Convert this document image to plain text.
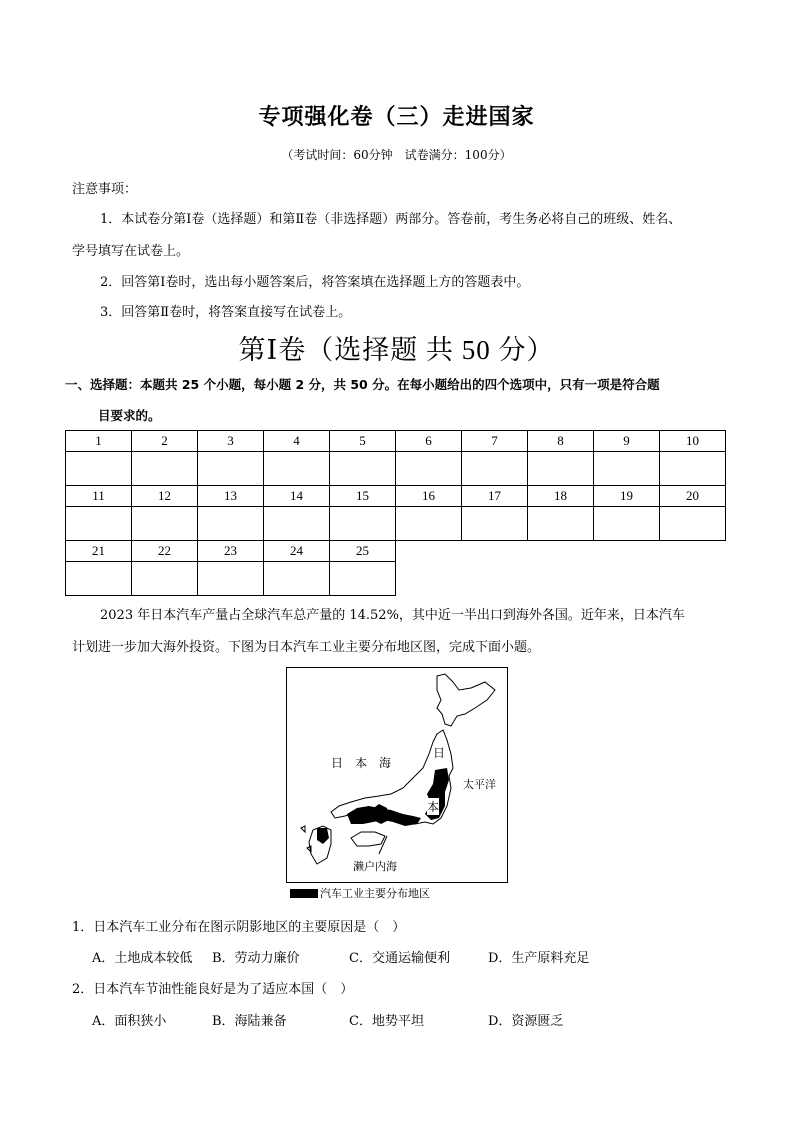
专项强化卷（三）走进国家
（考试时间：60分钟　试卷满分：100分）
注意事项：
1．本试卷分第Ⅰ卷（选择题）和第Ⅱ卷（非选择题）两部分。答卷前，考生务必将自己的班级、姓名、
学号填写在试卷上。
2．回答第Ⅰ卷时，选出每小题答案后，将答案填在选择题上方的答题表中。
3．回答第Ⅱ卷时，将答案直接写在试卷上。
第Ⅰ卷（选择题 共 50 分）
一、选择题：本题共 25 个小题，每小题 2 分，共 50 分。在每小题给出的四个选项中，只有一项是符合题
目要求的。
1	2	3	4	5	6	7	8	9	10

11	12	13	14	15	16	17	18	19	20

21	22	23	24	25					

2023 年日本汽车产量占全球汽车总产量的 14.52%，其中近一半出口到海外各国。近年来，日本汽车
计划进一步加大海外投资。下图为日本汽车工业主要分布地区图，完成下面小题。
日　本　海
太平洋
濑户内海
日
本
汽车工业主要分布地区
1．日本汽车工业分布在图示阴影地区的主要原因是（　）
A．土地成本较低 B．劳动力廉价	C．交通运输便利	D．生产原料充足
2．日本汽车节油性能良好是为了适应本国（　）
A．面积狭小	B．海陆兼备	C．地势平坦	D．资源匮乏
